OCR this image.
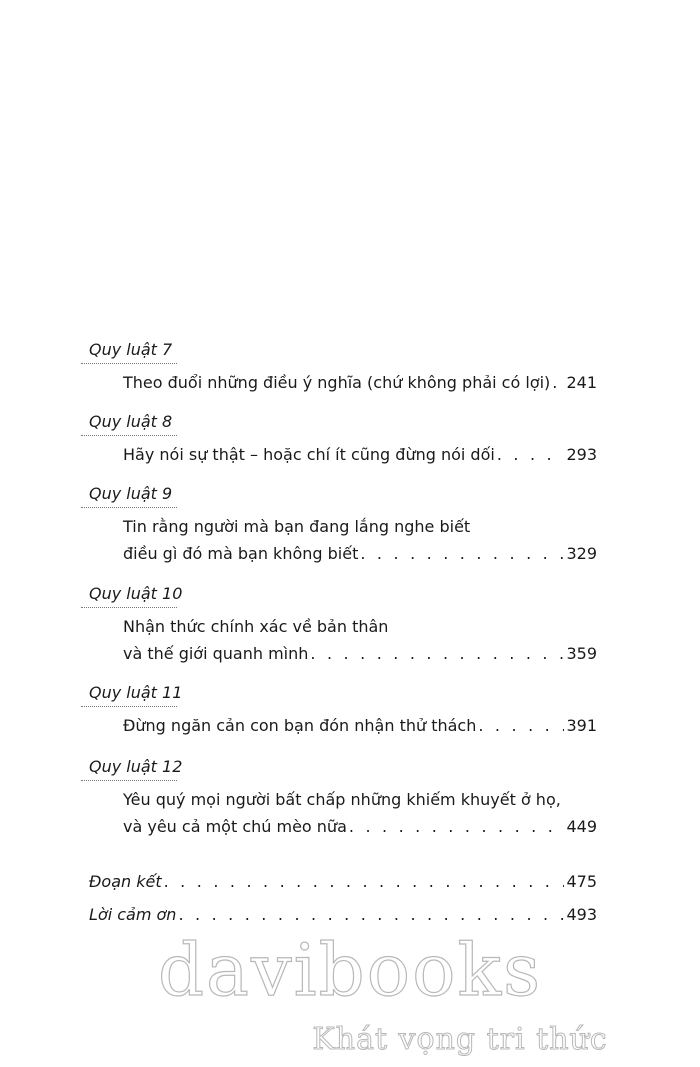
Quy luật 7
Theo đuổi những điều ý nghĩa (chứ không phải có lợi) . . . 241
Quy luật 8
Hãy nói sự thật – hoặc chí ít cũng đừng nói dối . . .	293
Quy luật 9
Tin rằng người mà bạn đang lắng nghe biết
điều gì đó mà bạn không biết . . .	329
Quy luật 10
Nhận thức chính xác về bản thân
và thế giới quanh mình . . .	359
Quy luật 11
Đừng ngăn cản con bạn đón nhận thử thách . . .	391
Quy luật 12
Yêu quý mọi người bất chấp những khiếm khuyết ở họ,
và yêu cả một chú mèo nữa . . .	449
Đoạn kết . . .	475
Lời cảm ơn . . .	493
davibooks
Khát vọng tri thức
